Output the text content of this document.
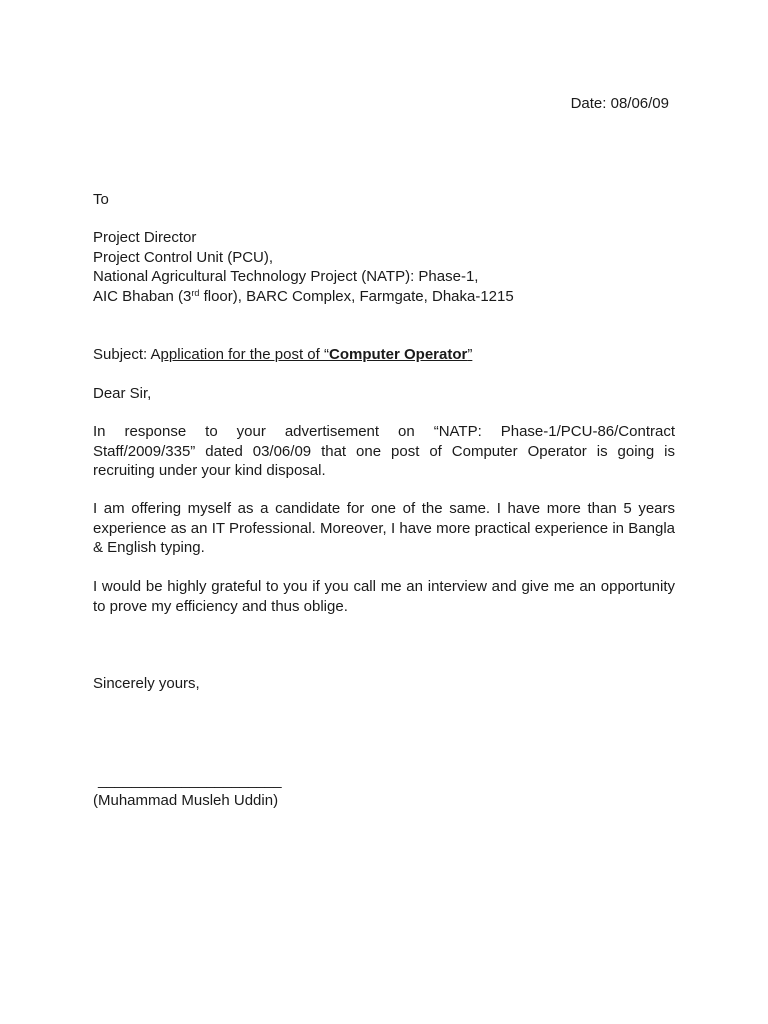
Date: 08/06/09
To
Project Director
Project Control Unit (PCU),
National Agricultural Technology Project (NATP): Phase-1,
AIC Bhaban (3rd floor), BARC Complex, Farmgate, Dhaka-1215
Subject: Application for the post of “Computer Operator”
Dear Sir,
In response to your advertisement on “NATP: Phase-1/PCU-86/Contract Staff/2009/335” dated 03/06/09 that one post of Computer Operator is going is recruiting under your kind disposal.
I am offering myself as a candidate for one of the same. I have more than 5 years experience as an IT Professional. Moreover, I have more practical experience in Bangla & English typing.
I would be highly grateful to you if you call me an interview and give me an opportunity to prove my efficiency and thus oblige.
Sincerely yours,
______________________
(Muhammad Musleh Uddin)
